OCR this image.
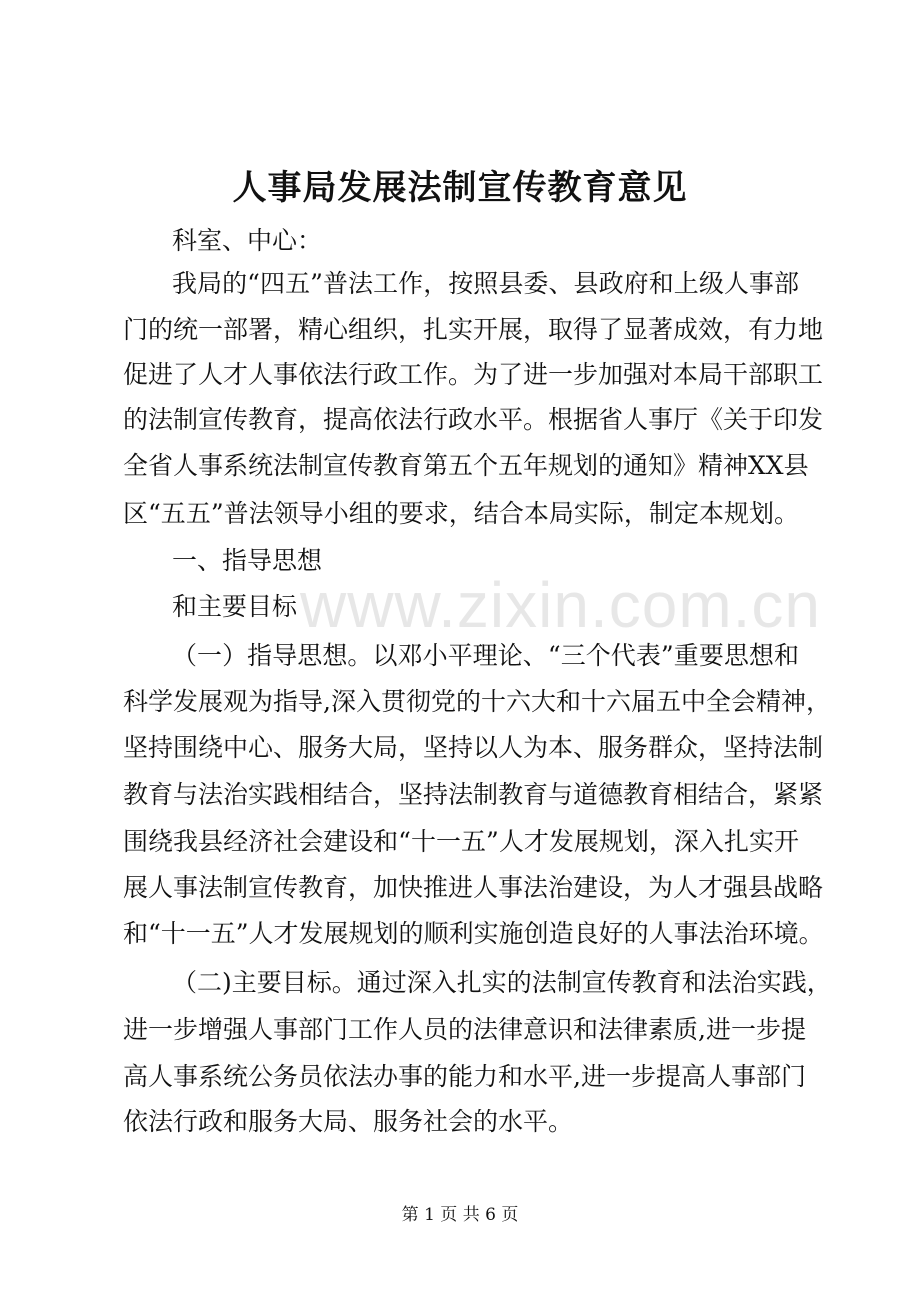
www.zixin.com.cn
人事局发展法制宣传教育意见
科室、中心：
我局的“四五”普法工作，按照县委、县政府和上级人事部
门的统一部署，精心组织，扎实开展，取得了显著成效，有力地
促进了人才人事依法行政工作。为了进一步加强对本局干部职工
的法制宣传教育，提高依法行政水平。根据省人事厅《关于印发
全省人事系统法制宣传教育第五个五年规划的通知》精神XX县
区“五五”普法领导小组的要求，结合本局实际，制定本规划。
一、指导思想
和主要目标
（一）指导思想。以邓小平理论、“三个代表”重要思想和
科学发展观为指导,深入贯彻党的十六大和十六届五中全会精神，
坚持围绕中心、服务大局，坚持以人为本、服务群众，坚持法制
教育与法治实践相结合，坚持法制教育与道德教育相结合，紧紧
围绕我县经济社会建设和“十一五”人才发展规划，深入扎实开
展人事法制宣传教育，加快推进人事法治建设，为人才强县战略
和“十一五”人才发展规划的顺利实施创造良好的人事法治环境。
（二)主要目标。通过深入扎实的法制宣传教育和法治实践，
进一步增强人事部门工作人员的法律意识和法律素质,进一步提
高人事系统公务员依法办事的能力和水平,进一步提高人事部门
依法行政和服务大局、服务社会的水平。
第 1 页 共 6 页
